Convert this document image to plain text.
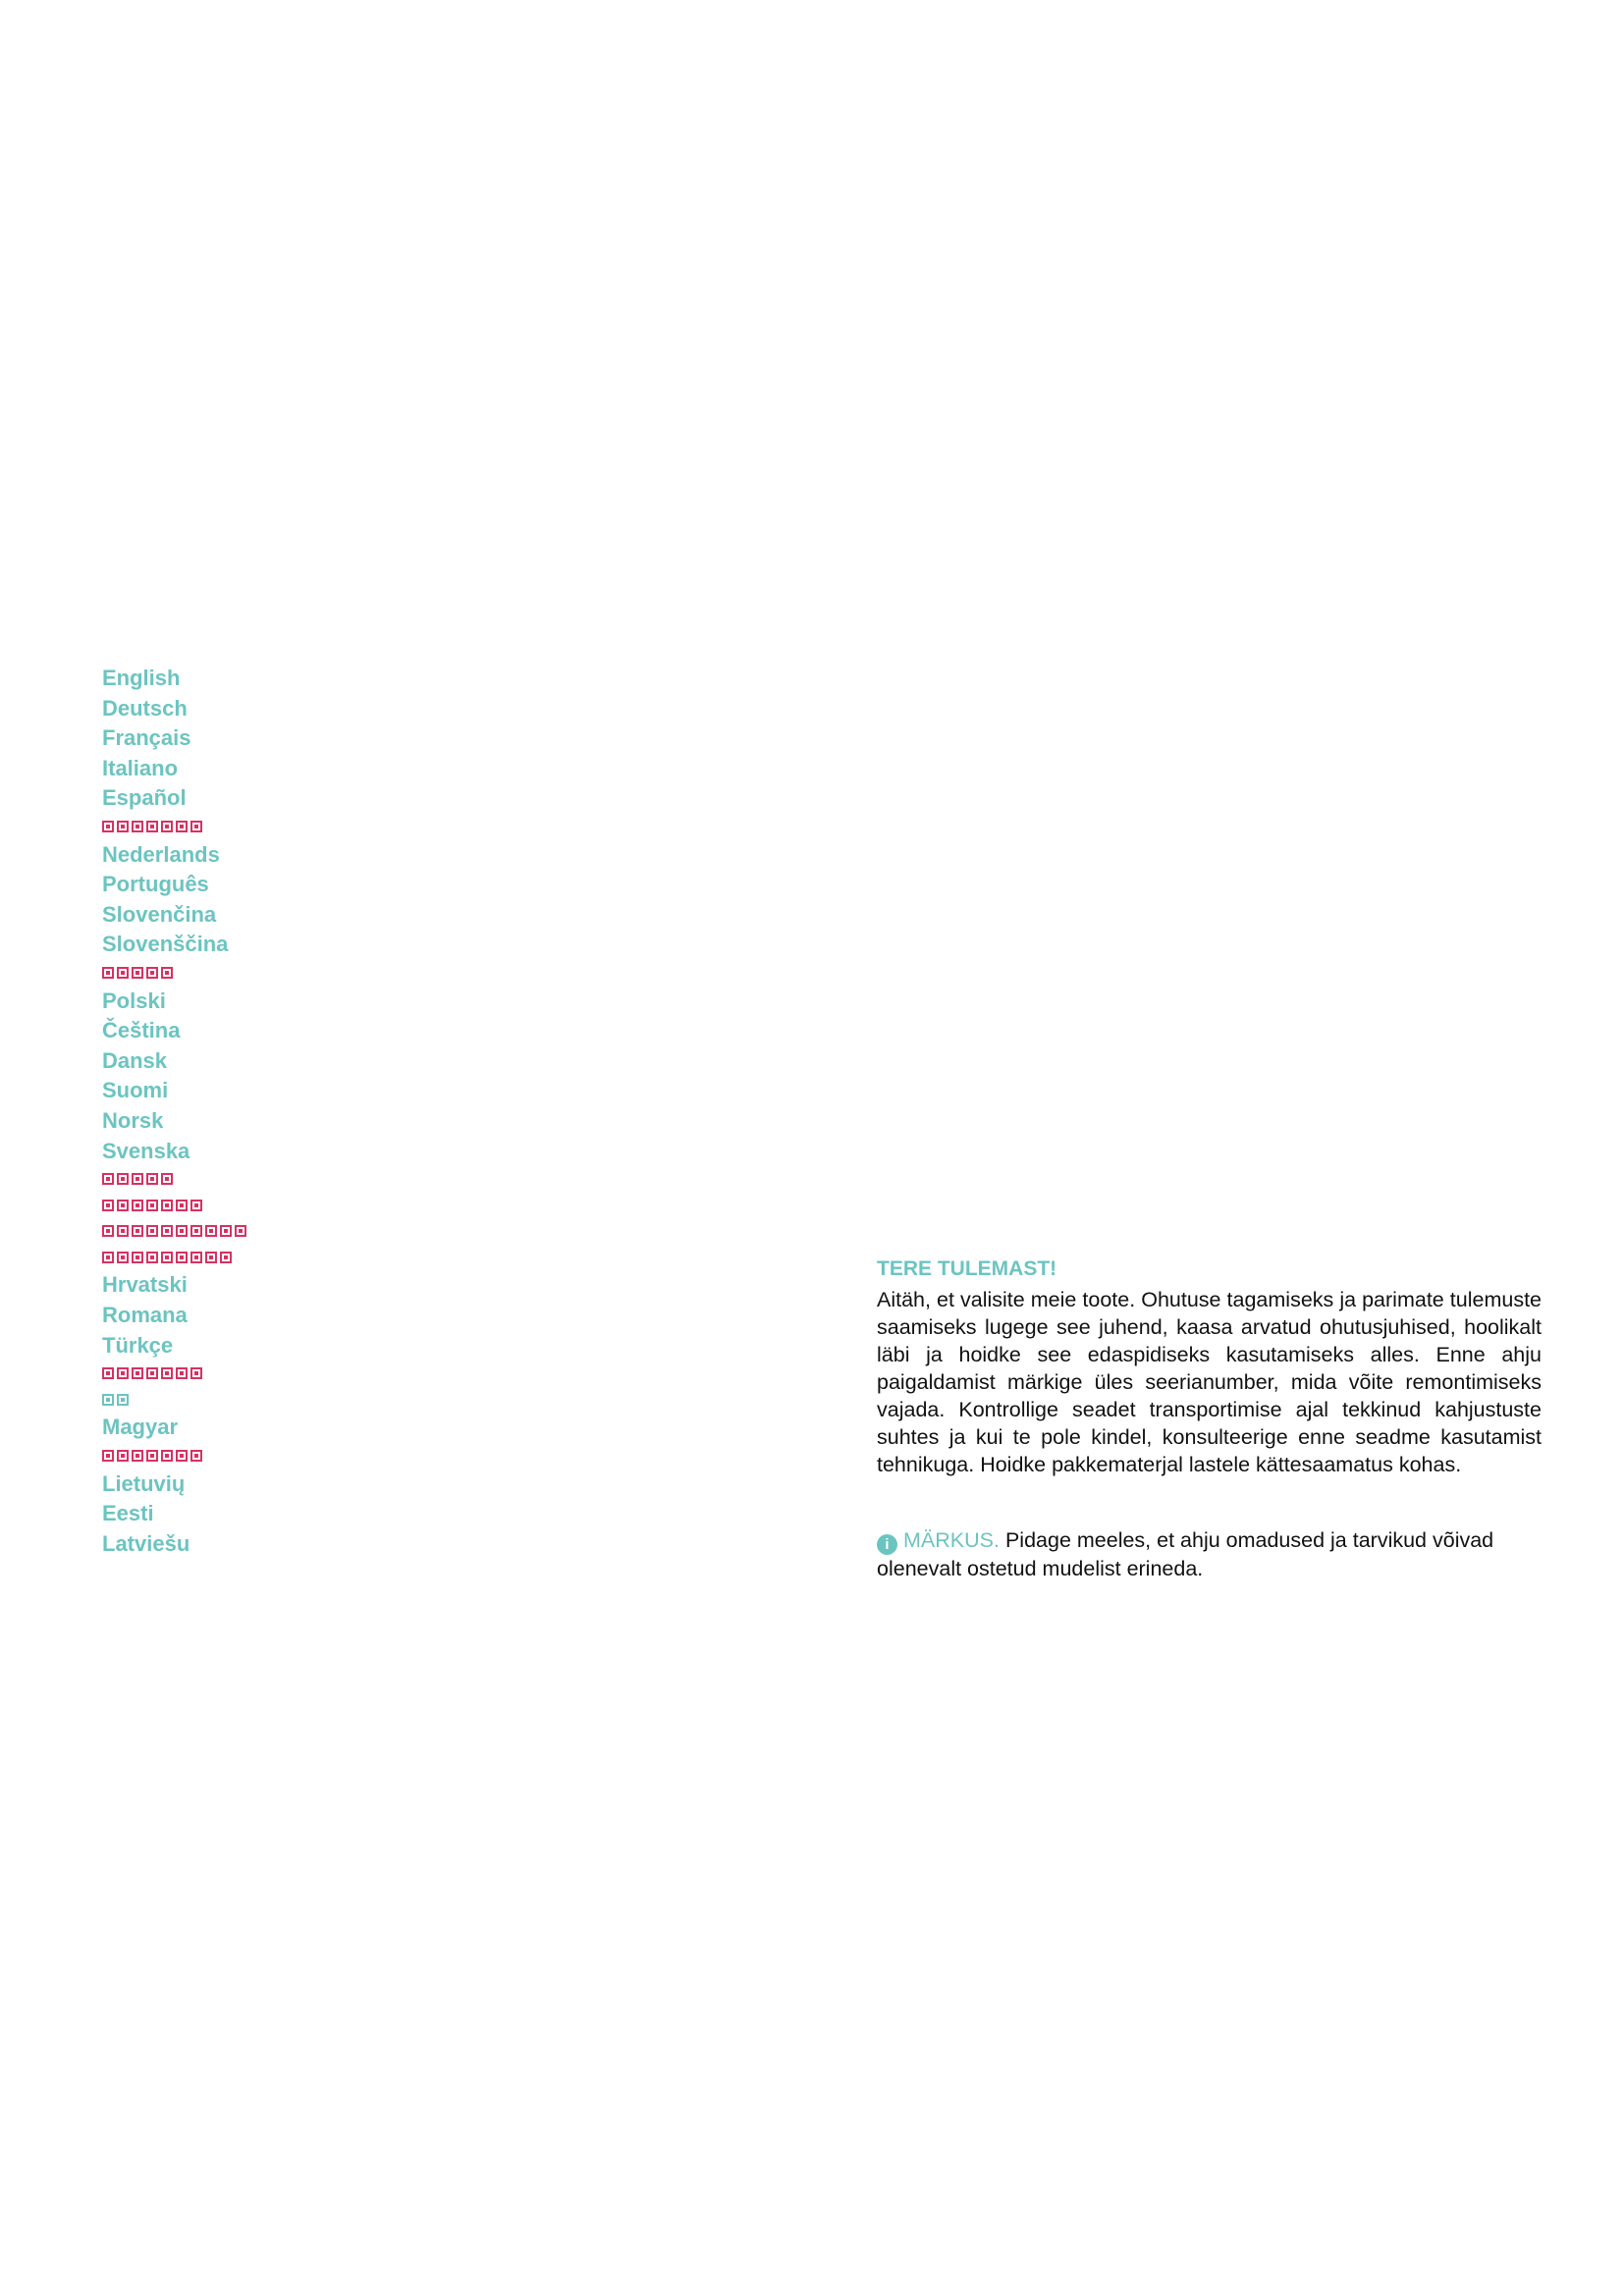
English
Deutsch
Français
Italiano
Español
Nederlands
Português
Slovenčina
Slovenščina
Polski
Čeština
Dansk
Suomi
Norsk
Svenska
Hrvatski
Romana
Türkçe
Magyar
Lietuvių
Eesti
Latviešu
TERE TULEMAST!

Aitäh, et valisite meie toote. Ohutuse tagamiseks ja parimate tulemuste saamiseks lugege see juhend, kaasa arvatud ohutusjuhised, hoolikalt läbi ja hoidke see edaspidiseks kasutamiseks alles. Enne ahju paigaldamist märkige üles seerianumber, mida võite remontimiseks vajada. Kontrollige seadet transportimise ajal tekkinud kahjustuste suhtes ja kui te pole kindel, konsulteerige enne seadme kasutamist tehnikuga. Hoidke pakkematerjal lastele kättesaamatus kohas.

i MÄRKUS. Pidage meeles, et ahju omadused ja tarvikud võivad olenevalt ostetud mudelist erineda.
